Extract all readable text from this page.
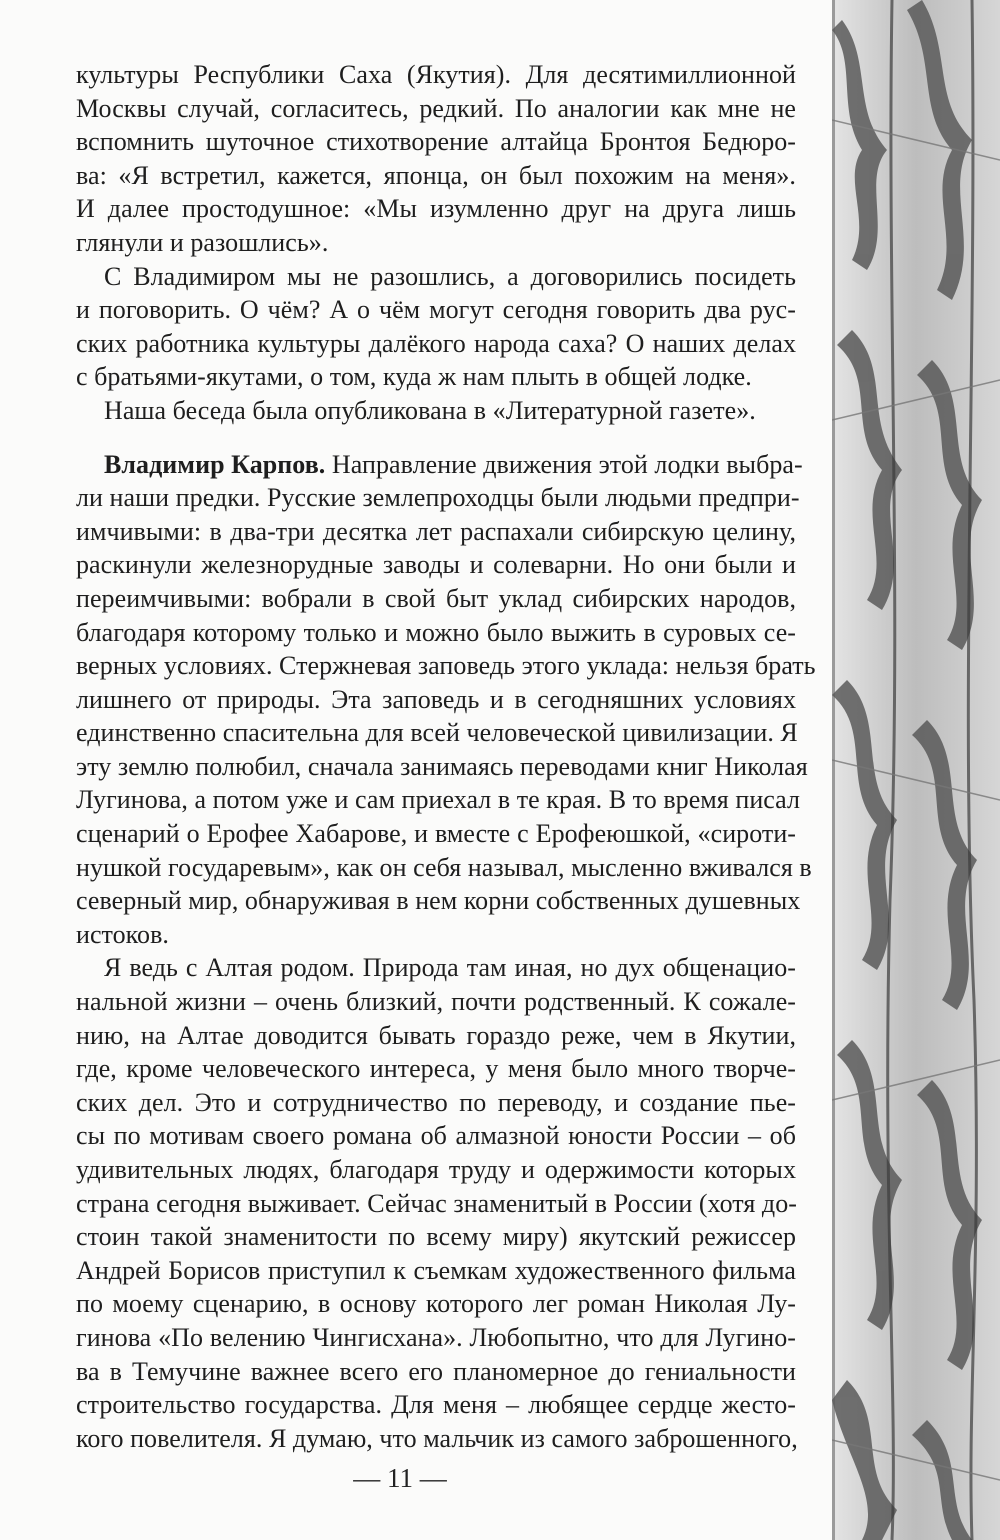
культуры Республики Саха (Якутия). Для десятимиллионной
Москвы случай, согласитесь, редкий. По аналогии как мне не
вспомнить шуточное стихотворение алтайца Бронтоя Бедюро-
ва: «Я встретил, кажется, японца, он был похожим на меня».
И далее простодушное: «Мы изумленно друг на друга лишь
глянули и разошлись».
С Владимиром мы не разошлись, а договорились посидеть
и поговорить. О чём? А о чём могут сегодня говорить два рус-
ских работника культуры далёкого народа саха? О наших делах
с братьями-якутами, о том, куда ж нам плыть в общей лодке.
Наша беседа была опубликована в «Литературной газете».
Владимир Карпов. Направление движения этой лодки выбра-
ли наши предки. Русские землепроходцы были людьми предпри-
имчивыми: в два-три десятка лет распахали сибирскую целину,
раскинули железнорудные заводы и солеварни. Но они были и
переимчивыми: вобрали в свой быт уклад сибирских народов,
благодаря которому только и можно было выжить в суровых се-
верных условиях. Стержневая заповедь этого уклада: нельзя брать
лишнего от природы. Эта заповедь и в сегодняшних условиях
единственно спасительна для всей человеческой цивилизации. Я
эту землю полюбил, сначала занимаясь переводами книг Николая
Лугинова, а потом уже и сам приехал в те края. В то время писал
сценарий о Ерофее Хабарове, и вместе с Ерофеюшкой, «сироти-
нушкой государевым», как он себя называл, мысленно вживался в
северный мир, обнаруживая в нем корни собственных душевных
истоков.
Я ведь с Алтая родом. Природа там иная, но дух общенацио-
нальной жизни – очень близкий, почти родственный. К сожале-
нию, на Алтае доводится бывать гораздо реже, чем в Якутии,
где, кроме человеческого интереса, у меня было много творче-
ских дел. Это и сотрудничество по переводу, и создание пье-
сы по мотивам своего романа об алмазной юности России – об
удивительных людях, благодаря труду и одержимости которых
страна сегодня выживает. Сейчас знаменитый в России (хотя до-
стоин такой знаменитости по всему миру) якутский режиссер
Андрей Борисов приступил к съемкам художественного фильма
по моему сценарию, в основу которого лег роман Николая Лу-
гинова «По велению Чингисхана». Любопытно, что для Лугино-
ва в Темучине важнее всего его планомерное до гениальности
строительство государства. Для меня – любящее сердце жесто-
кого повелителя. Я думаю, что мальчик из самого заброшенного,
— 11 —
